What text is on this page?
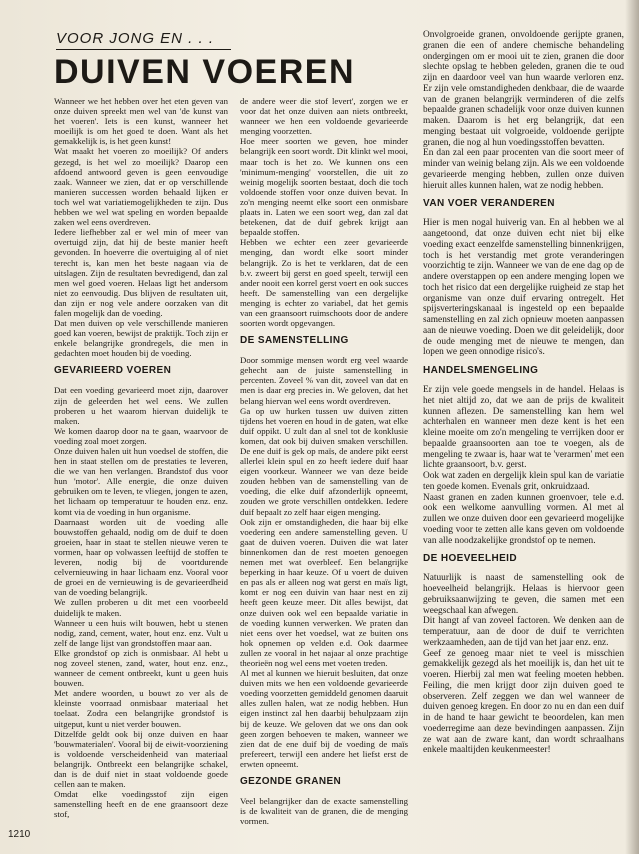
VOOR JONG EN . . .
DUIVEN VOEREN

Wanneer we het hebben over het eten geven van onze duiven spreekt men wel van 'de kunst van het voeren'. Iets is een kunst, wanneer het moeilijk is om het goed te doen. Want als het gemakkelijk is, is het geen kunst!

Wat maakt het voeren zo moeilijk? Of anders gezegd, is het wel zo moeilijk? Daarop een afdoend antwoord geven is geen eenvoudige zaak. Wanneer we zien, dat er op verschillende manieren successen worden behaald lijken er toch wel wat variatiemogelijkheden te zijn. Dus hebben we wel wat speling en worden bepaalde zaken wel eens overdreven.

Iedere liefhebber zal er wel min of meer van overtuigd zijn, dat hij de beste manier heeft gevonden. In hoeverre die overtuiging al of niet terecht is, kan men het beste nagaan via de uitslagen. Zijn de resultaten bevredigend, dan zal men wel goed voeren. Helaas ligt het andersom niet zo eenvoudig. Dus blijven de resultaten uit, dan zijn er nog vele andere oorzaken van dit falen mogelijk dan de voeding.

Dat men duiven op vele verschillende manieren goed kan voeren, bewijst de praktijk. Toch zijn er enkele belangrijke grondregels, die men in gedachten moet houden bij de voeding.

GEVARIEERD VOEREN

Dat een voeding gevarieerd moet zijn, daarover zijn de geleerden het wel eens. We zullen proberen u het waarom hiervan duidelijk te maken.

We komen daarop door na te gaan, waarvoor de voeding zoal moet zorgen.

Onze duiven halen uit hun voedsel de stoffen, die hen in staat stellen om de prestaties te leveren, die we van hen verlangen. Brandstof dus voor hun 'motor'. Alle energie, die onze duiven gebruiken om te leven, te vliegen, jongen te azen, het lichaam op temperatuur te houden enz. enz. komt via de voeding in hun organisme.

Daarnaast worden uit de voeding alle bouwstoffen gehaald, nodig om de duif te doen groeien, haar in staat te stellen nieuwe veren te vormen, haar op volwassen leeftijd de stoffen te leveren, nodig bij de voortdurende celvernieuwing in haar lichaam enz. Vooral voor de groei en de vernieuwing is de gevarieerdheid van de voeding belangrijk.

We zullen proberen u dit met een voorbeeld duidelijk te maken.

Wanneer u een huis wilt bouwen, hebt u stenen nodig, zand, cement, water, hout enz. enz. Vult u zelf de lange lijst van grondstoffen maar aan.

Elke grondstof op zich is onmisbaar. Al hebt u nog zoveel stenen, zand, water, hout enz. enz., wanneer de cement ontbreekt, kunt u geen huis bouwen.

Met andere woorden, u bouwt zo ver als de kleinste voorraad onmisbaar materiaal het toelaat. Zodra een belangrijke grondstof is uitgeput, kunt u niet verder bouwen.

Ditzelfde geldt ook bij onze duiven en haar 'bouwmaterialen'. Vooral bij de eiwit-voorziening is voldoende verscheidenheid van materiaal belangrijk. Ontbreekt een belangrijke schakel, dan is de duif niet in staat voldoende goede cellen aan te maken.

Omdat elke voedingsstof zijn eigen samenstelling heeft en de ene graansoort deze stof,

de andere weer die stof levert', zorgen we er voor dat het onze duiven aan niets ontbreekt, wanneer we hen een voldoende gevarieerde menging voorzetten.

Hoe meer soorten we geven, hoe minder belangrijk een soort wordt. Dit klinkt wel mooi, maar toch is het zo. We kunnen ons een 'minimum-menging' voorstellen, die uit zo weinig mogelijk soorten bestaat, doch die toch voldoende stoffen voor onze duiven bevat. In zo'n menging neemt elke soort een onmisbare plaats in. Laten we een soort weg, dan zal dat betekenen, dat de duif gebrek krijgt aan bepaalde stoffen.

Hebben we echter een zeer gevarieerde menging, dan wordt elke soort minder belangrijk. Zo is het te verklaren, dat de een b.v. zweert bij gerst en goed speelt, terwijl een ander nooit een korrel gerst voert en ook succes heeft. De samenstelling van een dergelijke menging is echter zo variabel, dat het gemis van een graansoort ruimschoots door de andere soorten wordt opgevangen.

DE SAMENSTELLING

Door sommige mensen wordt erg veel waarde gehecht aan de juiste samenstelling in percenten. Zoveel % van dit, zoveel van dat en men is daar erg precies in. We geloven, dat het belang hiervan wel eens wordt overdreven.

Ga op uw hurken tussen uw duiven zitten tijdens het voeren en houd in de gaten, wat elke duif oppikt. U zult dan al snel tot de konklusie komen, dat ook bij duiven smaken verschillen. De ene duif is gek op maïs, de andere pikt eerst allerlei klein spul en zo heeft iedere duif haar eigen voorkeur. Wanneer we van deze beide zouden hebben van de samenstelling van de voeding, die elke duif afzonderlijk opneemt, zouden we grote verschillen ontdekken. Iedere duif bepaalt zo zelf haar eigen menging.

Ook zijn er omstandigheden, die haar bij elke voedering een andere samenstelling geven. U gaat de duiven voeren. Duiven die wat later binnenkomen dan de rest moeten genoegen nemen met wat overbleef. Een belangrijke beperking in haar keuze. Of u voert de duiven en pas als er alleen nog wat gerst en maïs ligt, komt er nog een duivin van haar nest en zij heeft geen keuze meer. Dit alles bewijst, dat onze duiven ook wel een bepaalde variatie in de voeding kunnen verwerken. We praten dan niet eens over het voedsel, wat ze buiten ons hok opnemen op velden e.d. Ook daarmee zullen ze vooral in het najaar al onze prachtige theorieën nog wel eens met voeten treden.

Al met al kunnen we hieruit besluiten, dat onze duiven mits we hen een voldoende gevarieerde voeding voorzetten gemiddeld genomen daaruit alles zullen halen, wat ze nodig hebben. Hun eigen instinct zal hen daarbij behulpzaam zijn bij de keuze. We geloven dat we ons dan ook geen zorgen behoeven te maken, wanneer we zien dat de ene duif bij de voeding de maïs prefereert, terwijl een andere het liefst erst de erwten opneemt.

GEZONDE GRANEN

Veel belangrijker dan de exacte samenstelling is de kwaliteit van de granen, die de menging vormen.

Onvolgroeide granen, onvoldoende gerijpte granen, granen die een of andere chemische behandeling ondergingen om er mooi uit te zien, granen die door slechte opslag te hebben geleden, granen die te oud zijn en daardoor veel van hun waarde verloren enz. Er zijn vele omstandigheden denkbaar, die de waarde van de granen belangrijk verminderen of die zelfs bepaalde granen schadelijk voor onze duiven kunnen maken. Daarom is het erg belangrijk, dat een menging bestaat uit volgroeide, voldoende gerijpte granen, die nog al hun voedingsstoffen bevatten.

En dan zal een paar procenten van die soort meer of minder van weinig belang zijn. Als we een voldoende gevarieerde menging hebben, zullen onze duiven hieruit alles kunnen halen, wat ze nodig hebben.

VAN VOER VERANDEREN

Hier is men nogal huiverig van. En al hebben we al aangetoond, dat onze duiven echt niet bij elke voeding exact eenzelfde samenstelling binnenkrijgen, toch is het verstandig met grote veranderingen voorzichtig te zijn. Wanneer we van de ene dag op de andere overstappen op een andere menging lopen we toch het risico dat een dergelijke ruigheid ze stap het organisme van onze duif ervaring ontregelt. Het spijsverteringskanaal is ingesteld op een bepaalde samenstelling en zal zich opnieuw moeten aanpassen aan de nieuwe voeding. Doen we dit geleidelijk, door de oude menging met de nieuwe te mengen, dan lopen we geen onnodige risico's.

HANDELSMENGELING

Er zijn vele goede mengsels in de handel. Helaas is het niet altijd zo, dat we aan de prijs de kwaliteit kunnen aflezen. De samenstelling kan hem wel achterhalen en wanneer men deze kent is het een kleine moeite om zo'n mengeling te verrijken door er bepaalde graansoorten aan toe te voegen, als de mengeling te zwaar is, haar wat te 'verarmen' met een lichte graansoort, b.v. gerst.

Ook wat zaden en dergelijk klein spul kan de variatie ten goede komen. Evenals grit, onkruidzaad.

Naast granen en zaden kunnen groenvoer, tele e.d. ook een welkome aanvulling vormen. Al met al zullen we onze duiven door een gevarieerd mogelijke voeding voor te zetten alle kans geven om voldoende van alle noodzakelijke grondstof op te nemen.

DE HOEVEELHEID

Natuurlijk is naast de samenstelling ook de hoeveelheid belangrijk. Helaas is hiervoor geen gebruiksaanwijzing te geven, die samen met een weegschaal kan afwegen.

Dit hangt af van zoveel factoren. We denken aan de temperatuur, aan de door de duif te verrichten werkzaamheden, aan de tijd van het jaar enz. enz.

Geef ze genoeg maar niet te veel is misschien gemakkelijk gezegd als het moeilijk is, dan het uit te voeren. Hierbij zal men wat feeling moeten hebben. Feiling, die men krijgt door zijn duiven goed te observeren. Zelf zeggen we dan wel wanneer de duiven genoeg kregen. En door zo nu en dan een duif in de hand te haar gewicht te beoordelen, kan men voederregime aan deze bevindingen aanpassen. Zijn ze wat aan de zware kant, dan wordt schraalhans enkele maaltijden keukenmeester!

1210
